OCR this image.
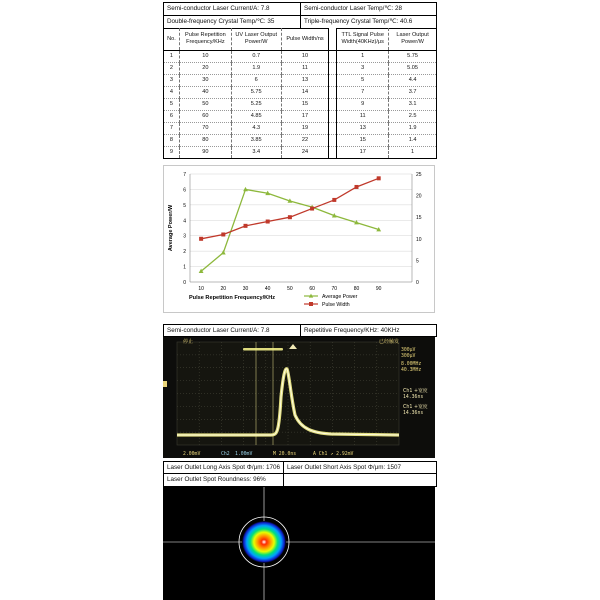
Semi-conductor Laser Current/A: 7.8	Semi-conductor Laser Temp/℃: 28
Double-frequency Crystal Temp/℃: 35	Triple-frequency Crystal Temp/℃: 40.6
No.	Pulse Repetition Frequency/KHz	UV Laser Output Power/W	Pulse Width/ns		TTL Signal Pulse Width(40KHz)/μs	Laser Output Power/W
1	10	0.7	10		1	5.75
2	20	1.9	11		3	5.05
3	30	6	13		5	4.4
4	40	5.75	14		7	3.7
5	50	5.25	15		9	3.1
6	60	4.85	17		11	2.5
7	70	4.3	19		13	1.9
8	80	3.85	22		15	1.4
9	90	3.4	24		17	1
0
1
2
3
4
5
6
7
0
5
10
15
20
25
10	20	30	40	50	60	70	80	90
Average Power/W
Pulse Repetition Frequency/KHz	Average Power
Pulse Width
Semi-conductor Laser Current/A: 7.8	Repetitive Frequency/KHz: 40KHz
停止	已经触发
300μV
300μV
8.00MHz
40.3MHz
Ch1 +宽度
14.36ns
Ch1 +宽度
14.36ns
2.00mV	Ch2 1.00mV	M 20.0ns	A Ch1 ↗ 2.92mV
Laser Outlet Long Axis Spot Φ/μm: 1706	Laser Outlet Short Axis Spot Φ/μm: 1507
Laser Outlet Spot Roundness: 96%
